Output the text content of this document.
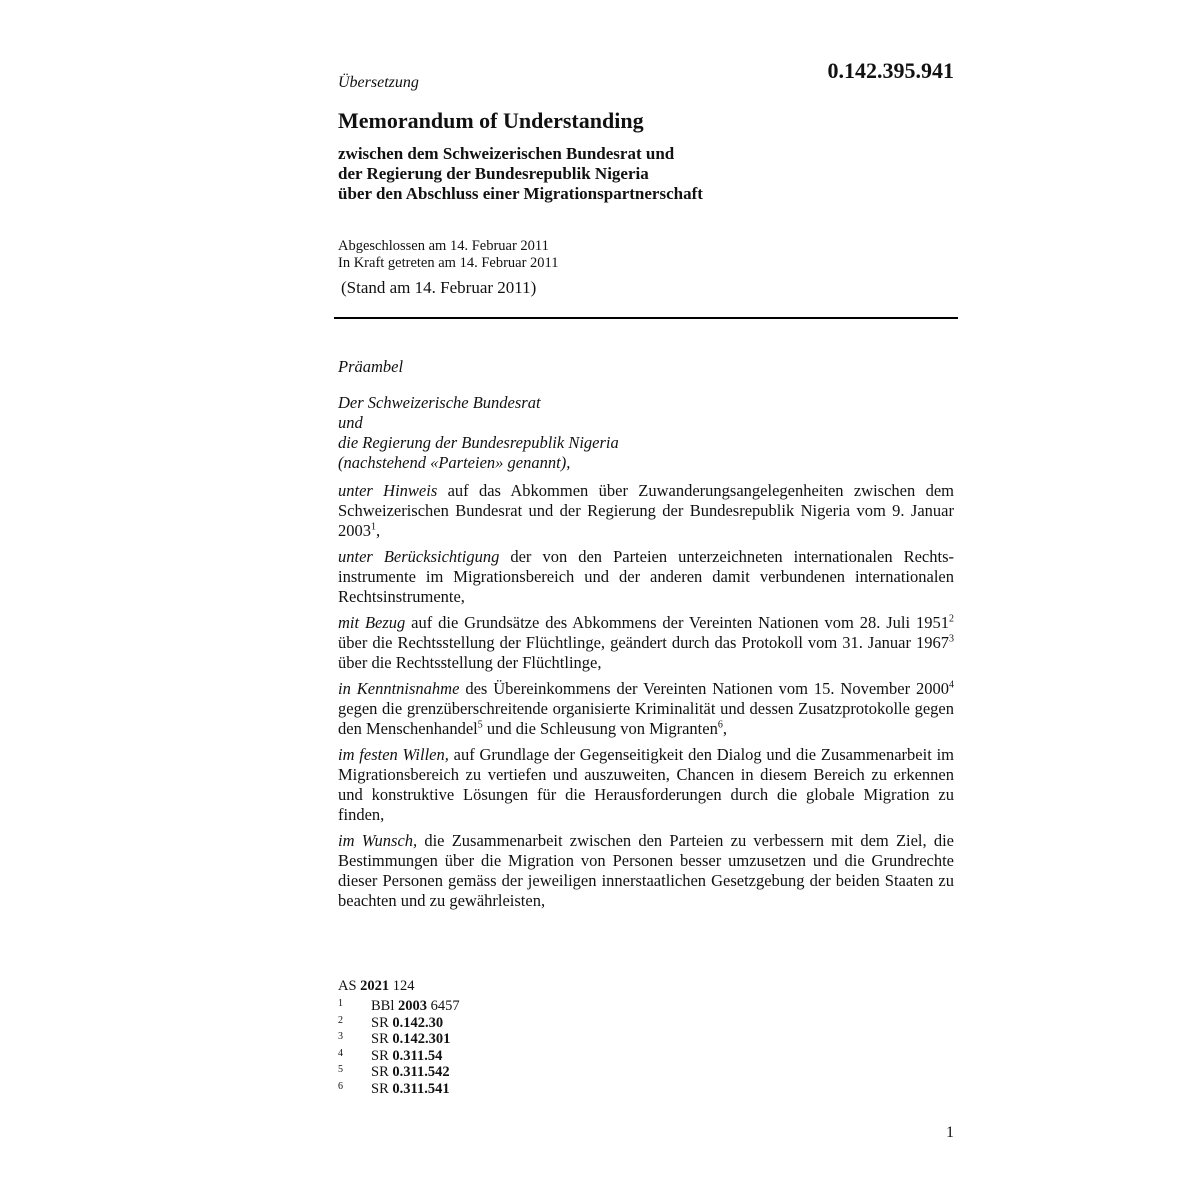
0.142.395.941
Übersetzung
Memorandum of Understanding
zwischen dem Schweizerischen Bundesrat und
der Regierung der Bundesrepublik Nigeria
über den Abschluss einer Migrationspartnerschaft
Abgeschlossen am 14. Februar 2011
In Kraft getreten am 14. Februar 2011
(Stand am 14. Februar 2011)
Präambel
Der Schweizerische Bundesrat
und
die Regierung der Bundesrepublik Nigeria
(nachstehend «Parteien» genannt),

unter Hinweis auf das Abkommen über Zuwanderungsangelegenheiten zwischen dem Schweizerischen Bundesrat und der Regierung der Bundesrepublik Nigeria vom 9. Januar 2003$^1$,

unter Berücksichtigung der von den Parteien unterzeichneten internationalen Rechtsinstrumente im Migrationsbereich und der anderen damit verbundenen internationalen Rechtsinstrumente,

mit Bezug auf die Grundsätze des Abkommens der Vereinten Nationen vom 28. Juli 1951$^2$ über die Rechtsstellung der Flüchtlinge, geändert durch das Protokoll vom 31. Januar 1967$^3$ über die Rechtsstellung der Flüchtlinge,

in Kenntnisnahme des Übereinkommens der Vereinten Nationen vom 15. November 2000$^4$ gegen die grenzüberschreitende organisierte Kriminalität und dessen Zusatzprotokolle gegen den Menschenhandel$^5$ und die Schleusung von Migranten$^6$,

im festen Willen, auf Grundlage der Gegenseitigkeit den Dialog und die Zusammenarbeit im Migrationsbereich zu vertiefen und auszuweiten, Chancen in diesem Bereich zu erkennen und konstruktive Lösungen für die Herausforderungen durch die globale Migration zu finden,

im Wunsch, die Zusammenarbeit zwischen den Parteien zu verbessern mit dem Ziel, die Bestimmungen über die Migration von Personen besser umzusetzen und die Grundrechte dieser Personen gemäss der jeweiligen innerstaatlichen Gesetzgebung der beiden Staaten zu beachten und zu gewährleisten,

AS 2021 124
1	BBl 2003 6457
2	SR 0.142.30
3	SR 0.142.301
4	SR 0.311.54
5	SR 0.311.542
6	SR 0.311.541
1
